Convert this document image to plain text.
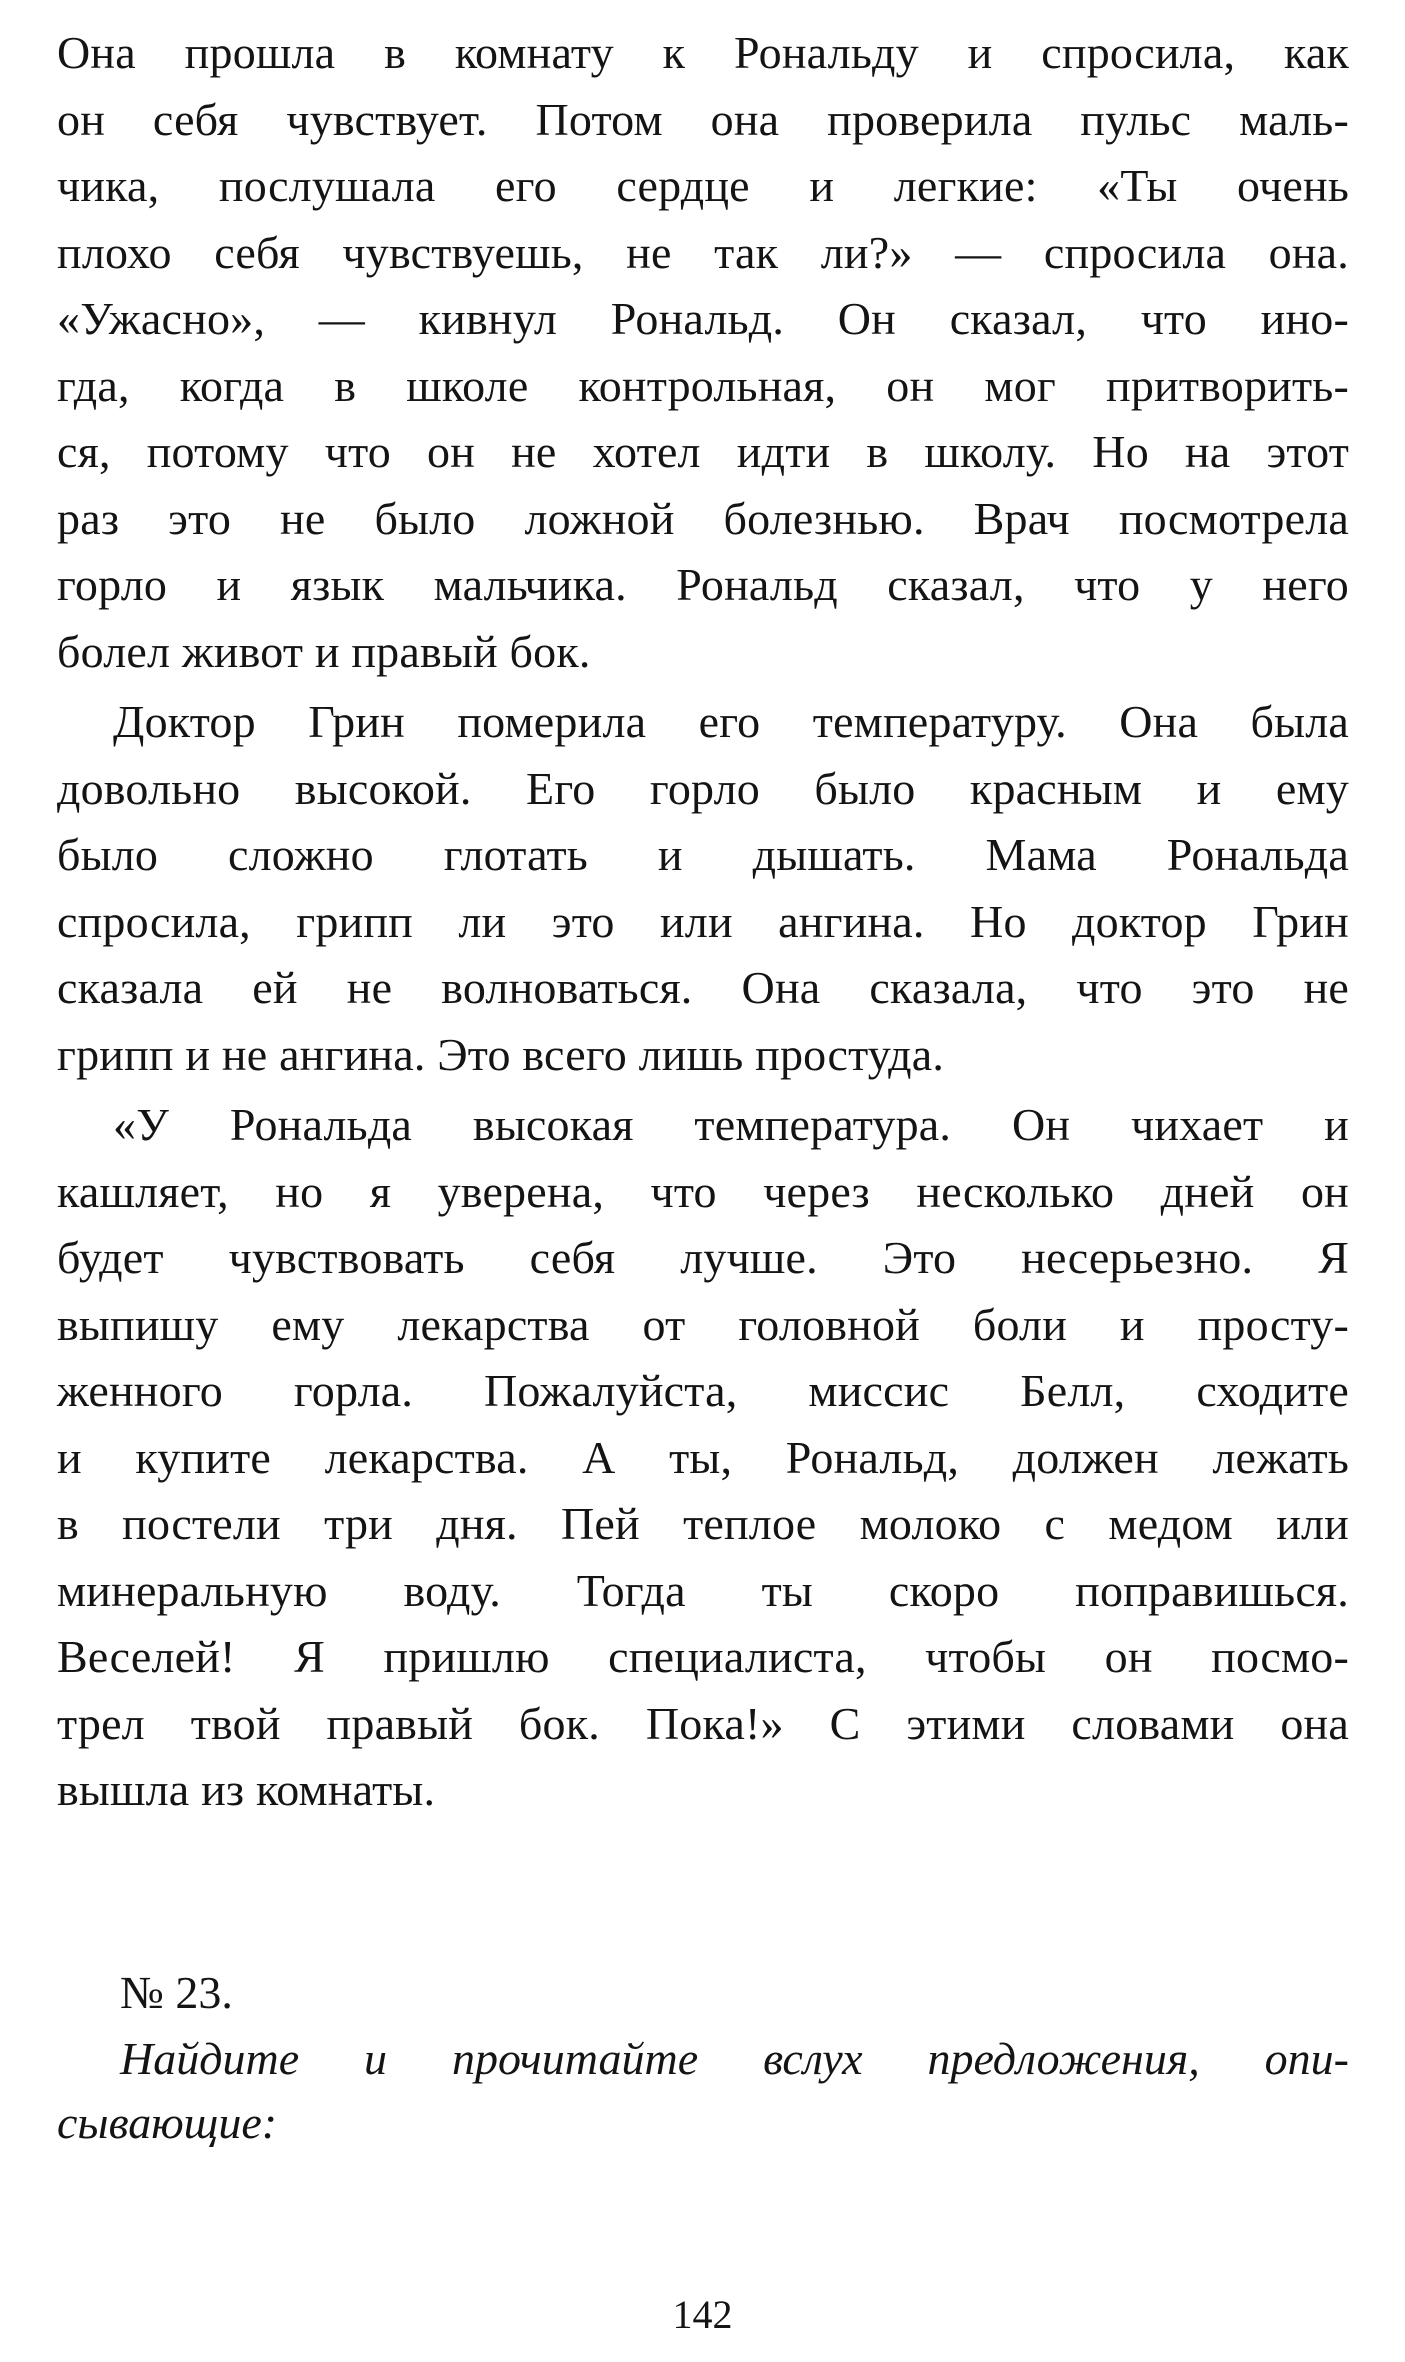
Она прошла в комнату к Рональду и спросила, как
он себя чувствует. Потом она проверила пульс маль-
чика, послушала его сердце и легкие: «Ты очень
плохо себя чувствуешь, не так ли?» — спросила она.
«Ужасно», — кивнул Рональд. Он сказал, что ино-
гда, когда в школе контрольная, он мог притворить-
ся, потому что он не хотел идти в школу. Но на этот
раз это не было ложной болезнью. Врач посмотрела
горло и язык мальчика. Рональд сказал, что у него
болел живот и правый бок.

Доктор Грин померила его температуру. Она была
довольно высокой. Его горло было красным и ему
было сложно глотать и дышать. Мама Рональда
спросила, грипп ли это или ангина. Но доктор Грин
сказала ей не волноваться. Она сказала, что это не
грипп и не ангина. Это всего лишь простуда.

«У Рональда высокая температура. Он чихает и
кашляет, но я уверена, что через несколько дней он
будет чувствовать себя лучше. Это несерьезно. Я
выпишу ему лекарства от головной боли и просту-
женного горла. Пожалуйста, миссис Белл, сходите
и купите лекарства. А ты, Рональд, должен лежать
в постели три дня. Пей теплое молоко с медом или
минеральную воду. Тогда ты скоро поправишься.
Веселей! Я пришлю специалиста, чтобы он посмо-
трел твой правый бок. Пока!» С этими словами она
вышла из комнаты.

№ 23.
Найдите и прочитайте вслух предложения, опи-
сывающие:
142
